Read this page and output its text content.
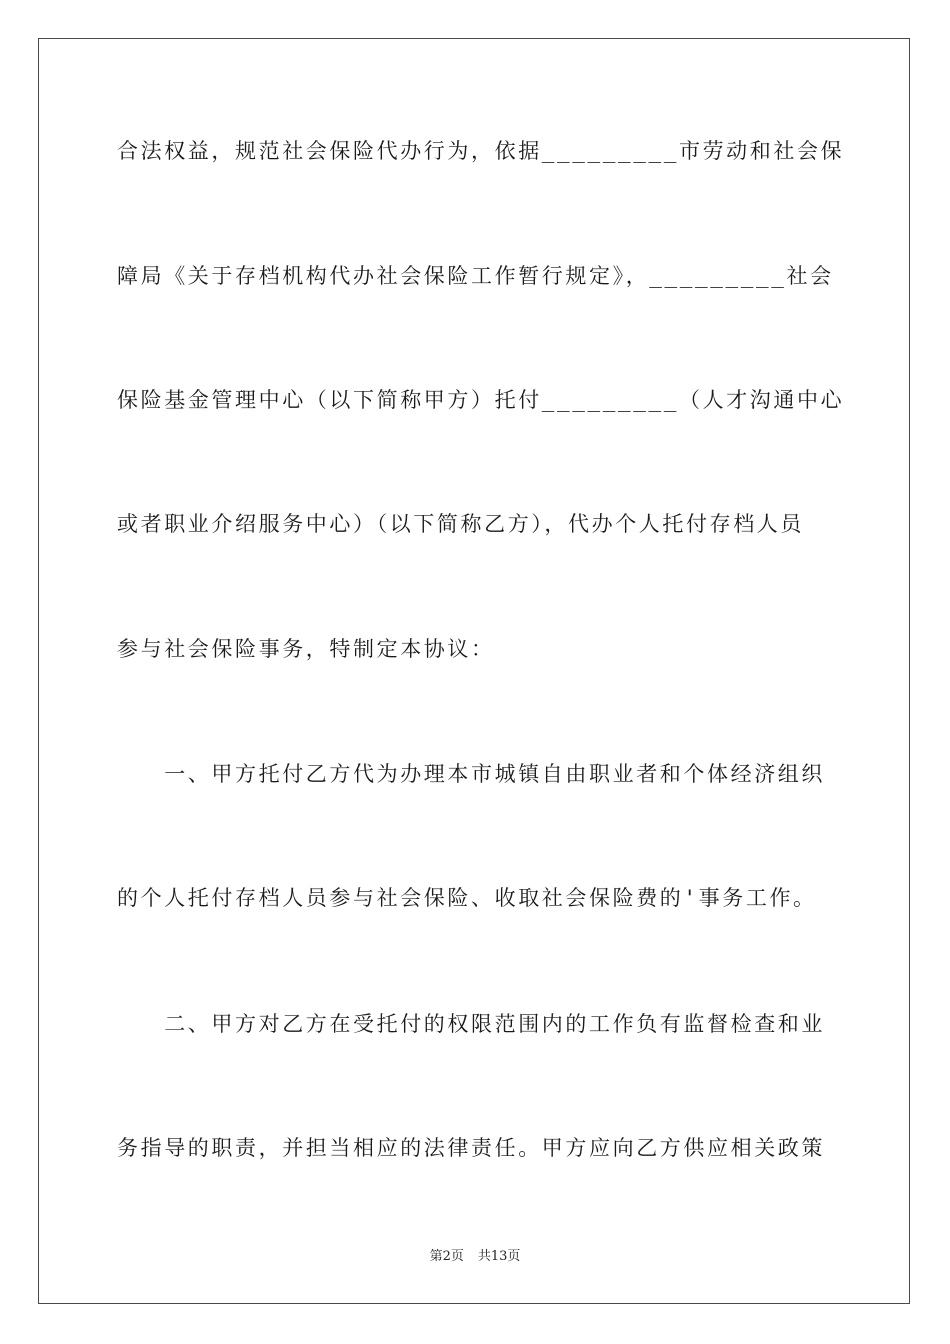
合法权益，规范社会保险代办行为，依据_________市劳动和社会保
障局《关于存档机构代办社会保险工作暂行规定》，_________社会
保险基金管理中心（以下简称甲方）托付_________（人才沟通中心
或者职业介绍服务中心）（以下简称乙方），代办个人托付存档人员
参与社会保险事务，特制定本协议：
　　一、甲方托付乙方代为办理本市城镇自由职业者和个体经济组织
的个人托付存档人员参与社会保险、收取社会保险费的'事务工作。
　　二、甲方对乙方在受托付的权限范围内的工作负有监督检查和业
务指导的职责，并担当相应的法律责任。甲方应向乙方供应相关政策
第2页 共13页
